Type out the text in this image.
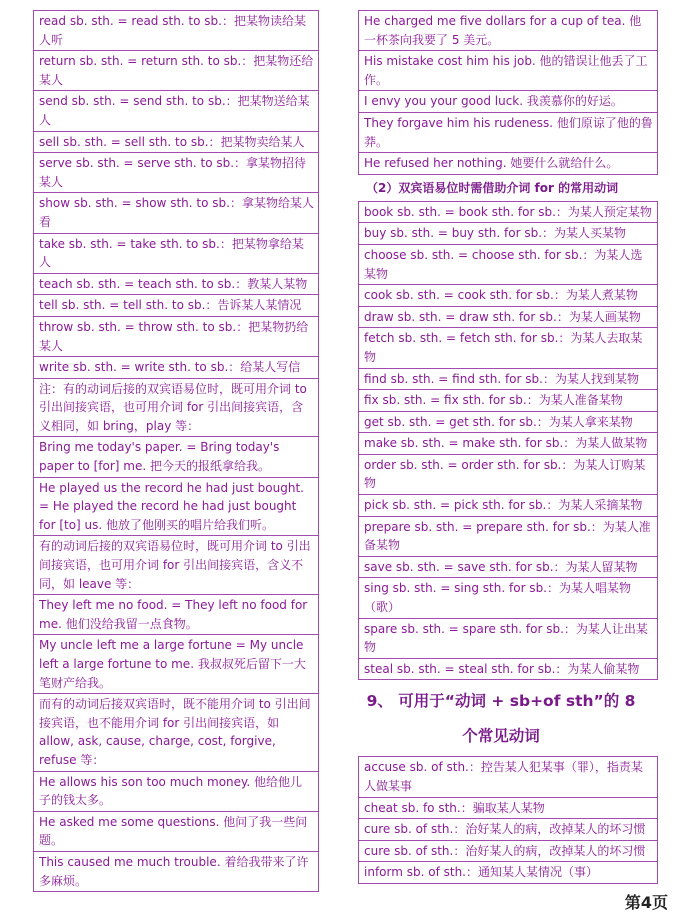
read sb. sth. = read sth. to sb.：把某物读给某人听
return sb. sth. = return sth. to sb.：把某物还给某人
send sb. sth. = send sth. to sb.：把某物送给某人
sell sb. sth. = sell sth. to sb.：把某物卖给某人
serve sb. sth. = serve sth. to sb.：拿某物招待某人
show sb. sth. = show sth. to sb.：拿某物给某人看
take sb. sth. = take sth. to sb.：把某物拿给某人
teach sb. sth. = teach sth. to sb.：教某人某物
tell sb. sth. = tell sth. to sb.：告诉某人某情况
throw sb. sth. = throw sth. to sb.：把某物扔给某人
write sb. sth. = write sth. to sb.：给某人写信
注：有的动词后接的双宾语易位时，既可用介词 to 引出间接宾语，也可用介词 for 引出间接宾语，含义相同，如 bring，play 等：
Bring me today's paper. = Bring today's paper to [for] me. 把今天的报纸拿给我。
He played us the record he had just bought. = He played the record he had just bought for [to] us. 他放了他刚买的唱片给我们听。
有的动词后接的双宾语易位时，既可用介词 to 引出间接宾语，也可用介词 for 引出间接宾语，含义不同，如 leave 等：
They left me no food. = They left no food for me. 他们没给我留一点食物。
My uncle left me a large fortune = My uncle left a large fortune to me. 我叔叔死后留下一大笔财产给我。
而有的动词后接双宾语时，既不能用介词 to 引出间接宾语，也不能用介词 for 引出间接宾语，如 allow, ask, cause, charge, cost, forgive, refuse 等：
He allows his son too much money. 他给他儿子的钱太多。
He asked me some questions. 他问了我一些问题。
This caused me much trouble. 着给我带来了许多麻烦。
He charged me five dollars for a cup of tea. 他一杯茶向我要了 5 美元。
His mistake cost him his job. 他的错误让他丢了工作。
I envy you your good luck. 我羡慕你的好运。
They forgave him his rudeness. 他们原谅了他的鲁莽。
He refused her nothing. 她要什么就给什么。
（2）双宾语易位时需借助介词 for 的常用动词
book sb. sth. = book sth. for sb.：为某人预定某物
buy sb. sth. = buy sth. for sb.：为某人买某物
choose sb. sth. = choose sth. for sb.：为某人选某物
cook sb. sth. = cook sth. for sb.：为某人煮某物
draw sb. sth. = draw sth. for sb.：为某人画某物
fetch sb. sth. = fetch sth. for sb.：为某人去取某物
find sb. sth. = find sth. for sb.：为某人找到某物
fix sb. sth. = fix sth. for sb.：为某人准备某物
get sb. sth. = get sth. for sb.：为某人拿来某物
make sb. sth. = make sth. for sb.：为某人做某物
order sb. sth. = order sth. for sb.：为某人订购某物
pick sb. sth. = pick sth. for sb.：为某人采摘某物
prepare sb. sth. = prepare sth. for sb.：为某人准备某物
save sb. sth. = save sth. for sb.：为某人留某物
sing sb. sth. = sing sth. for sb.：为某人唱某物（歌）
spare sb. sth. = spare sth. for sb.：为某人让出某物
steal sb. sth. = steal sth. for sb.：为某人偷某物
9、 可用于“动词 + sb+of sth”的 8
个常见动词
accuse sb. of sth.：控告某人犯某事（罪），指责某人做某事
cheat sb. fo sth.：骗取某人某物
cure sb. of sth.：治好某人的病，改掉某人的坏习惯
cure sb. of sth.：治好某人的病，改掉某人的坏习惯
inform sb. of sth.：通知某人某情况（事）
第4页
